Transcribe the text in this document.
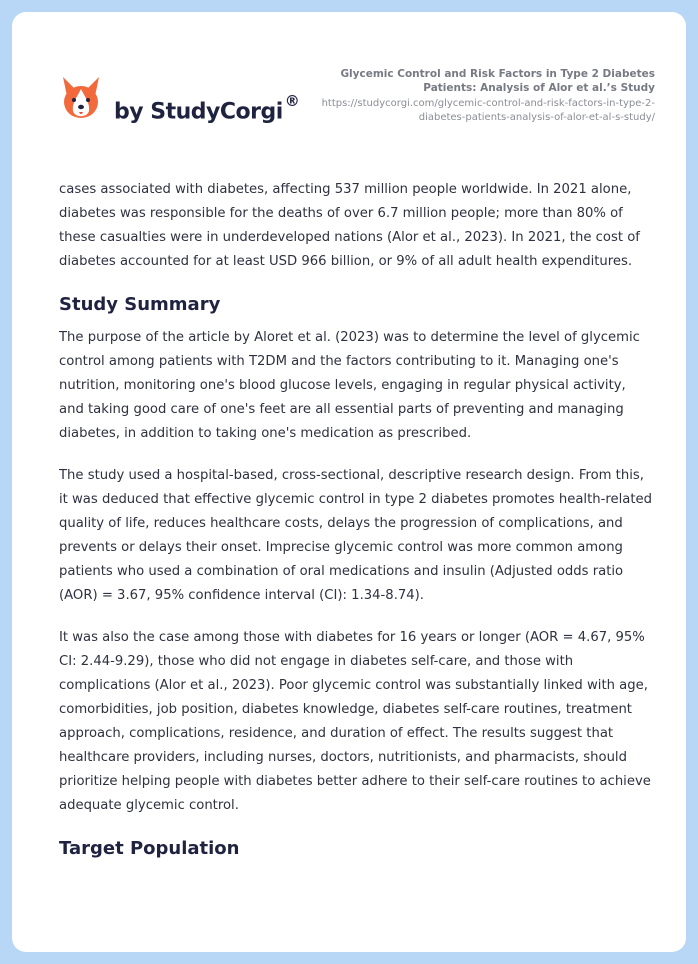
by StudyCorgi ®
Glycemic Control and Risk Factors in Type 2 Diabetes Patients: Analysis of Alor et al.’s Study
https://studycorgi.com/glycemic-control-and-risk-factors-in-type-2-diabetes-patients-analysis-of-alor-et-al-s-study/

cases associated with diabetes, affecting 537 million people worldwide. In 2021 alone, diabetes was responsible for the deaths of over 6.7 million people; more than 80% of these casualties were in underdeveloped nations (Alor et al., 2023). In 2021, the cost of diabetes accounted for at least USD 966 billion, or 9% of all adult health expenditures.

Study Summary

The purpose of the article by Aloret et al. (2023) was to determine the level of glycemic control among patients with T2DM and the factors contributing to it. Managing one's nutrition, monitoring one's blood glucose levels, engaging in regular physical activity, and taking good care of one's feet are all essential parts of preventing and managing diabetes, in addition to taking one's medication as prescribed.

The study used a hospital-based, cross-sectional, descriptive research design. From this, it was deduced that effective glycemic control in type 2 diabetes promotes health-related quality of life, reduces healthcare costs, delays the progression of complications, and prevents or delays their onset. Imprecise glycemic control was more common among patients who used a combination of oral medications and insulin (Adjusted odds ratio (AOR) = 3.67, 95% confidence interval (CI): 1.34-8.74).

It was also the case among those with diabetes for 16 years or longer (AOR = 4.67, 95% CI: 2.44-9.29), those who did not engage in diabetes self-care, and those with complications (Alor et al., 2023). Poor glycemic control was substantially linked with age, comorbidities, job position, diabetes knowledge, diabetes self-care routines, treatment approach, complications, residence, and duration of effect. The results suggest that healthcare providers, including nurses, doctors, nutritionists, and pharmacists, should prioritize helping people with diabetes better adhere to their self-care routines to achieve adequate glycemic control.

Target Population
